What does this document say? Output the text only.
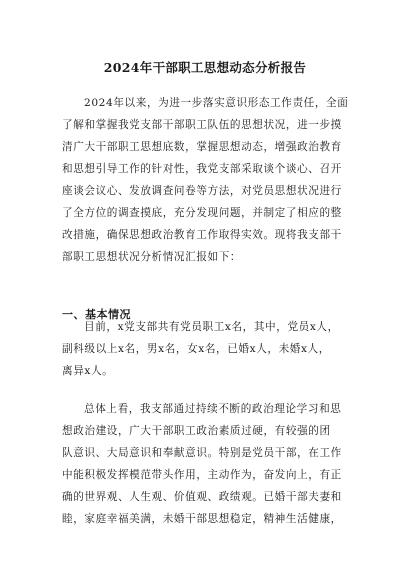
2024年干部职工思想动态分析报告
2024年以来，为进一步落实意识形态工作责任，全面
了解和掌握我党支部干部职工队伍的思想状况，进一步摸
清广大干部职工思想底数，掌握思想动态，增强政治教育
和思想引导工作的针对性，我党支部采取谈个谈心、召开
座谈会议心、发放调查问卷等方法，对党员思想状况进行
了全方位的调查摸底，充分发现问题，并制定了相应的整
改措施，确保思想政治教育工作取得实效。现将我支部干
部职工思想状况分析情况汇报如下：
一、基本情况
目前，x党支部共有党员职工x名，其中，党员x人，
副科级以上x名，男x名，女x名，已婚x人，未婚x人，
离异x人。
总体上看，我支部通过持续不断的政治理论学习和思
想政治建设，广大干部职工政治素质过硬，有较强的团
队意识、大局意识和奉献意识。特别是党员干部，在工作
中能积极发挥模范带头作用，主动作为，奋发向上，有正
确的世界观、人生观、价值观、政绩观。已婚干部夫妻和
睦，家庭幸福美满，未婚干部思想稳定，精神生活健康，
